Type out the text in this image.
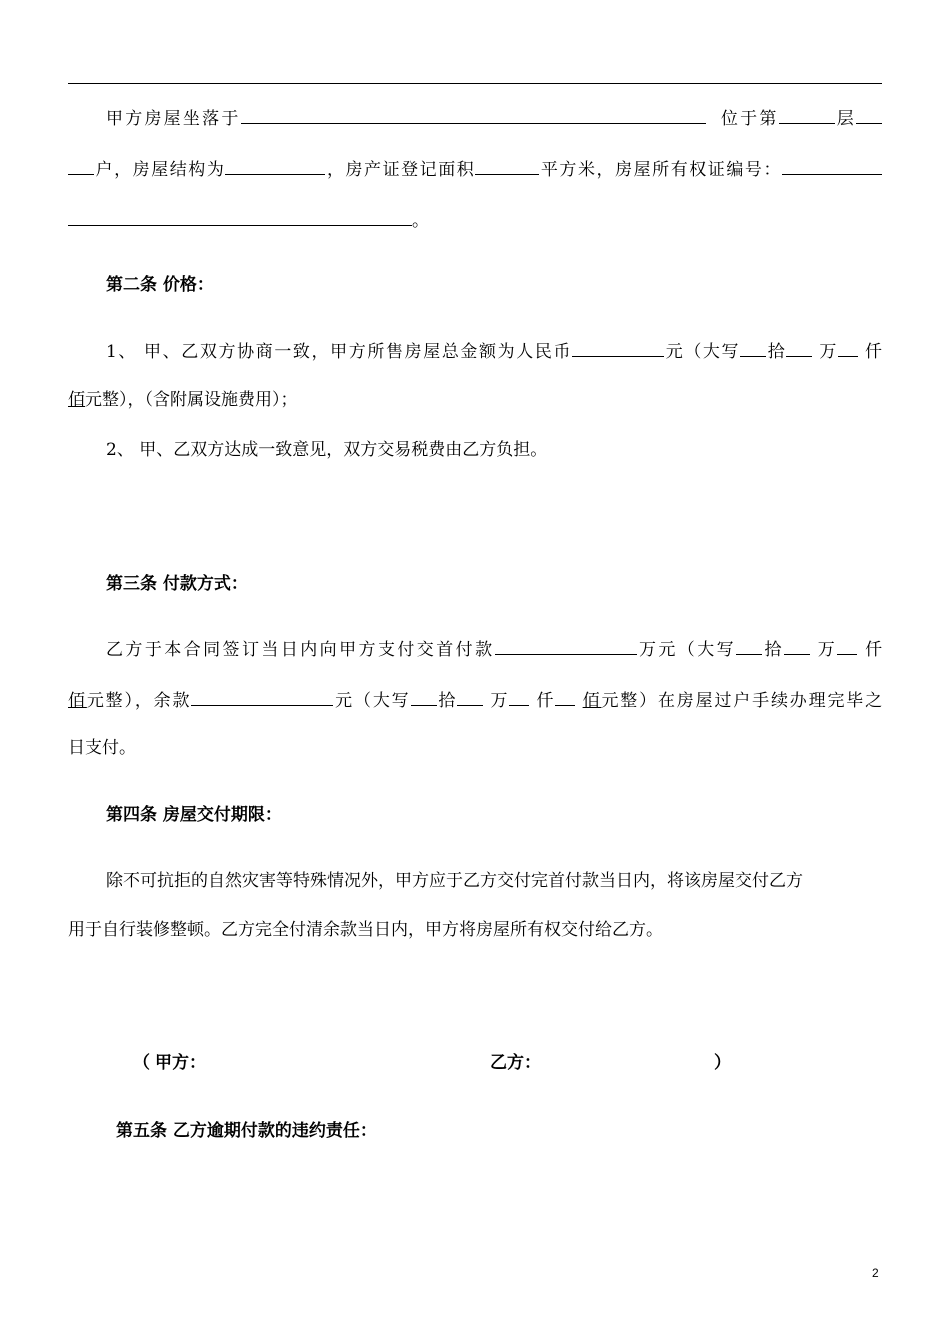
甲方房屋坐落于	位于第	层
户，房屋结构为	，房产证登记面积	平方米，房屋所有权证编号：
。
第二条 价格：
1、 甲、乙双方协商一致，甲方所售房屋总金额为人民币	元（大写 拾 万 仟
佰元整），（含附属设施费用）；
2、 甲、乙双方达成一致意见，双方交易税费由乙方负担。
第三条 付款方式：
乙方于本合同签订当日内向甲方支付交首付款	万元（大写 拾 万 仟
佰元整），余款	元（大写 拾 万 仟 佰元整）在房屋过户手续办理完毕之
日支付。
第四条 房屋交付期限：
除不可抗拒的自然灾害等特殊情况外，甲方应于乙方交付完首付款当日内，将该房屋交付乙方
用于自行装修整顿。乙方完全付清余款当日内，甲方将房屋所有权交付给乙方。
（ 甲方：	乙方：	）
第五条 乙方逾期付款的违约责任：
2
